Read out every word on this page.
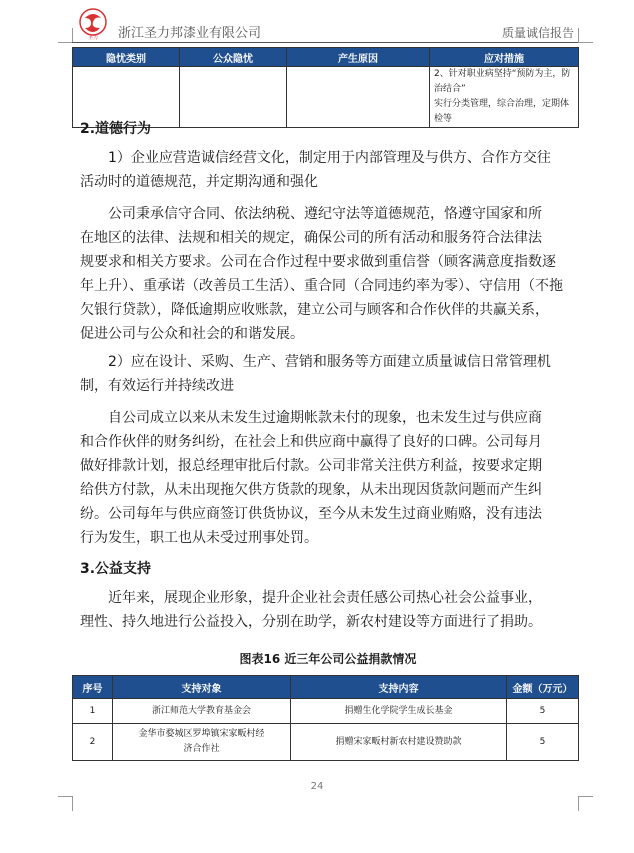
圣力 浙江圣力邦漆业有限公司	质量诚信报告
隐忧类别	公众隐忧	产生原因	应对措施

			2、针对职业病坚持“预防为主，防治结合”
实行分类管理，综合治理，定期体检等
2.道德行为
1）企业应营造诚信经营文化，制定用于内部管理及与供方、合作方交往
活动时的道德规范，并定期沟通和强化
公司秉承信守合同、依法纳税、遵纪守法等道德规范，恪遵守国家和所
在地区的法律、法规和相关的规定，确保公司的所有活动和服务符合法律法
规要求和相关方要求。公司在合作过程中要求做到重信誉（顾客满意度指数逐
年上升）、重承诺（改善员工生活）、重合同（合同违约率为零）、守信用（不拖
欠银行贷款），降低逾期应收账款，建立公司与顾客和合作伙伴的共赢关系，
促进公司与公众和社会的和谐发展。
2）应在设计、采购、生产、营销和服务等方面建立质量诚信日常管理机
制，有效运行并持续改进
自公司成立以来从未发生过逾期帐款未付的现象，也未发生过与供应商
和合作伙伴的财务纠纷，在社会上和供应商中赢得了良好的口碑。公司每月
做好排款计划，报总经理审批后付款。公司非常关注供方利益，按要求定期
给供方付款，从未出现拖欠供方货款的现象，从未出现因货款问题而产生纠
纷。公司每年与供应商签订供货协议，至今从未发生过商业贿赂，没有违法
行为发生，职工也从未受过刑事处罚。
3.公益支持
近年来，展现企业形象，提升企业社会责任感公司热心社会公益事业，
理性、持久地进行公益投入，分别在助学，新农村建设等方面进行了捐助。
图表16 近三年公司公益捐款情况
序号	支持对象	支持内容	金额（万元）
1	浙江师范大学教育基金会	捐赠生化学院学生成长基金	5
2	金华市婺城区罗埠镇宋家畈村经
济合作社	捐赠宋家畈村新农村建设赞助款	5
24
